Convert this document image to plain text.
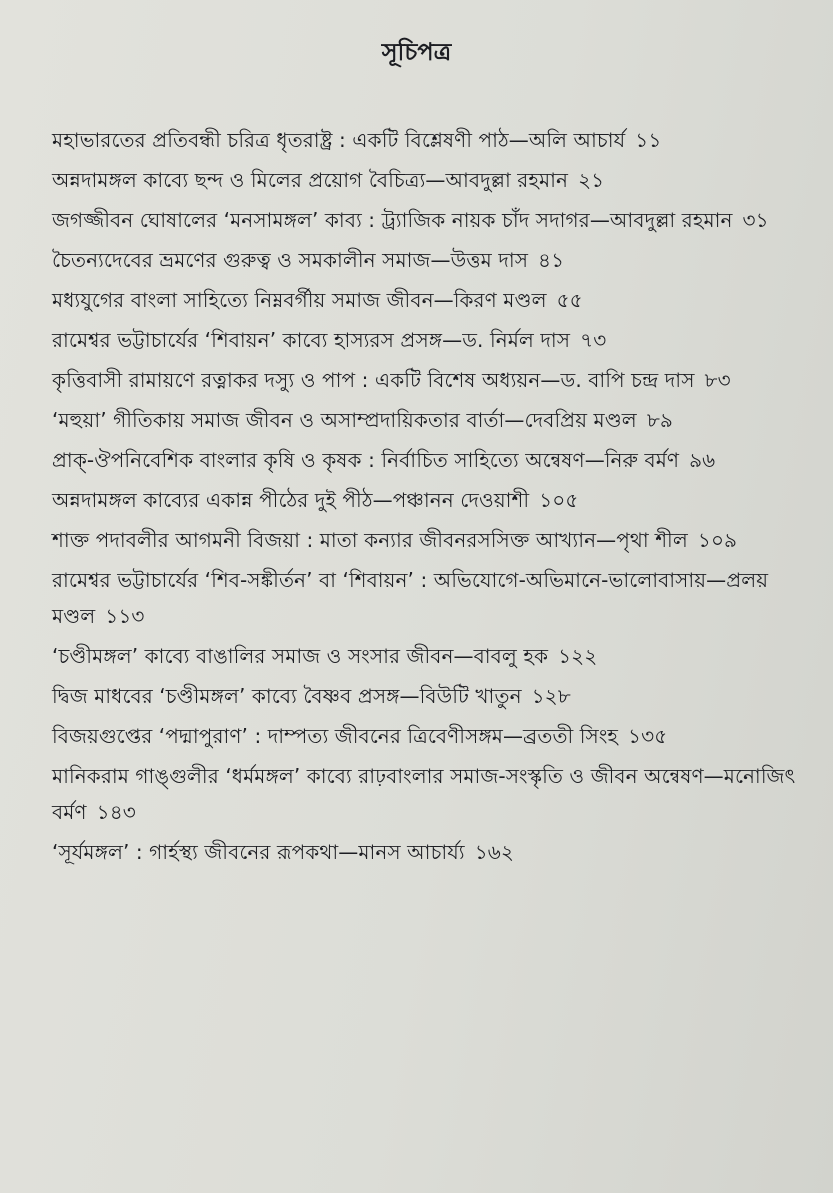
সূচিপত্র
মহাভারতের প্রতিবন্ধী চরিত্র ধৃতরাষ্ট্র : একটি বিশ্লেষণী পাঠ—অলি আচার্য ১১
অন্নদামঙ্গল কাব্যে ছন্দ ও মিলের প্রয়োগ বৈচিত্র্য—আবদুল্লা রহমান ২১
জগজ্জীবন ঘোষালের ‘মনসামঙ্গল’ কাব্য : ট্র্যাজিক নায়ক চাঁদ সদাগর—আবদুল্লা রহমান ৩১
চৈতন্যদেবের ভ্রমণের গুরুত্ব ও সমকালীন সমাজ—উত্তম দাস ৪১
মধ্যযুগের বাংলা সাহিত্যে নিম্নবর্গীয় সমাজ জীবন—কিরণ মণ্ডল ৫৫
রামেশ্বর ভট্টাচার্যের ‘শিবায়ন’ কাব্যে হাস্যরস প্রসঙ্গ—ড. নির্মল দাস ৭৩
কৃত্তিবাসী রামায়ণে রত্নাকর দস্যু ও পাপ : একটি বিশেষ অধ্যয়ন—ড. বাপি চন্দ্র দাস ৮৩
‘মহুয়া’ গীতিকায় সমাজ জীবন ও অসাম্প্রদায়িকতার বার্তা—দেবপ্রিয় মণ্ডল ৮৯
প্রাক্-ঔপনিবেশিক বাংলার কৃষি ও কৃষক : নির্বাচিত সাহিত্যে অন্বেষণ—নিরু বর্মণ ৯৬
অন্নদামঙ্গল কাব্যের একান্ন পীঠের দুই পীঠ—পঞ্চানন দেওয়াশী ১০৫
শাক্ত পদাবলীর আগমনী বিজয়া : মাতা কন্যার জীবনরসসিক্ত আখ্যান—পৃথা শীল ১০৯
রামেশ্বর ভট্টাচার্যের ‘শিব-সঙ্কীর্তন’ বা ‘শিবায়ন’ : অভিযোগে-অভিমানে-ভালোবাসায়—প্রলয় মণ্ডল ১১৩
‘চণ্ডীমঙ্গল’ কাব্যে বাঙালির সমাজ ও সংসার জীবন—বাবলু হক ১২২
দ্বিজ মাধবের ‘চণ্ডীমঙ্গল’ কাব্যে বৈষ্ণব প্রসঙ্গ—বিউটি খাতুন ১২৮
বিজয়গুপ্তের ‘পদ্মাপুরাণ’ : দাম্পত্য জীবনের ত্রিবেণীসঙ্গম—ব্রততী সিংহ ১৩৫
মানিকরাম গাঙ্গুলীর ‘ধর্মমঙ্গল’ কাব্যে রাঢ়বাংলার সমাজ-সংস্কৃতি ও জীবন অন্বেষণ—মনোজিৎ বর্মণ ১৪৩
‘সূর্যমঙ্গল’ : গার্হস্থ্য জীবনের রূপকথা—মানস আচার্য্য ১৬২
